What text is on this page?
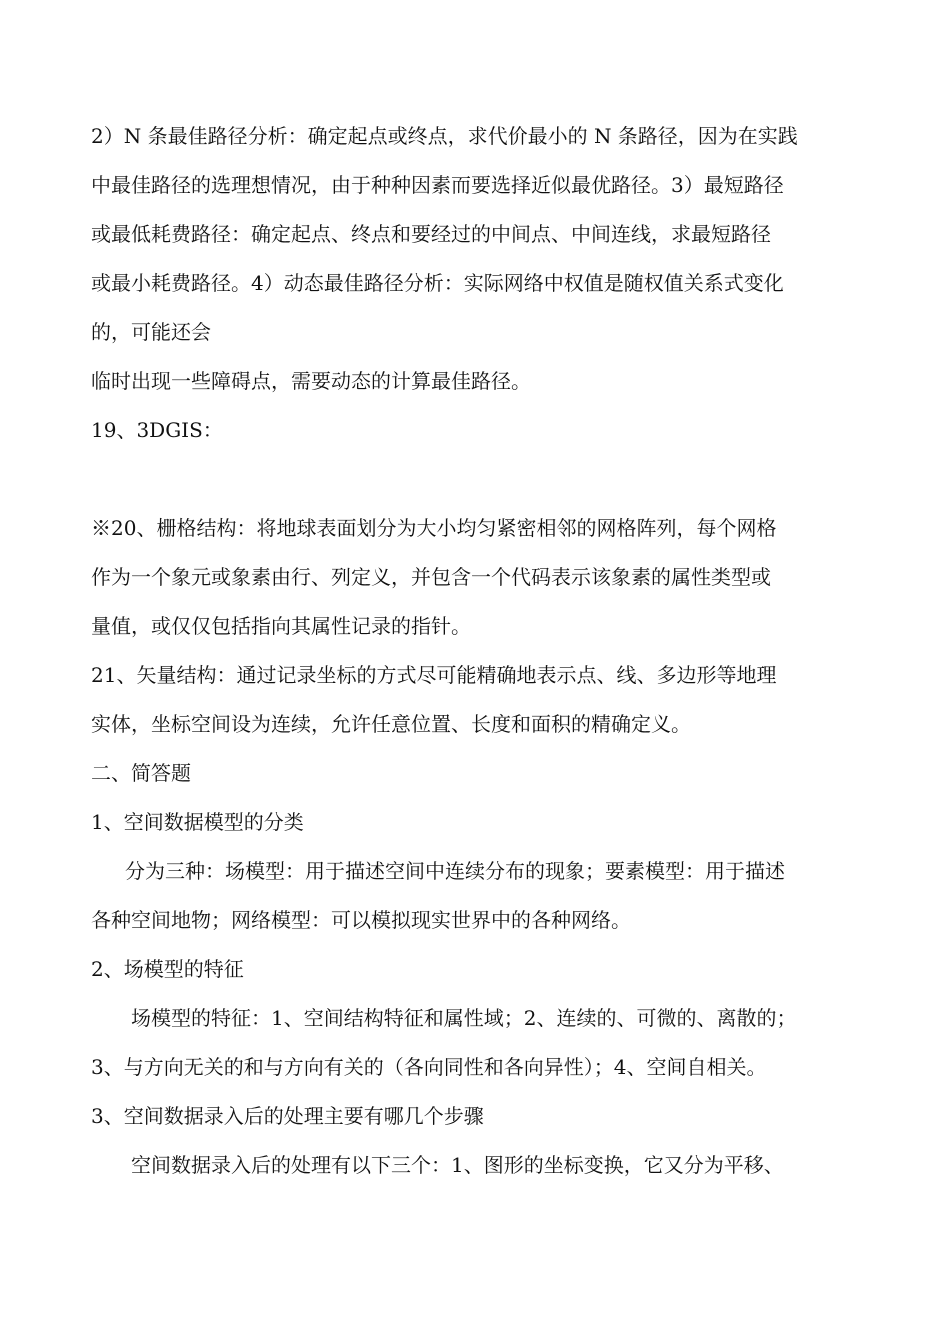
2）N 条最佳路径分析：确定起点或终点，求代价最小的 N 条路径，因为在实践

中最佳路径的选理想情况，由于种种因素而要选择近似最优路径。3）最短路径

或最低耗费路径：确定起点、终点和要经过的中间点、中间连线，求最短路径

或最小耗费路径。4）动态最佳路径分析：实际网络中权值是随权值关系式变化

的，可能还会

临时出现一些障碍点，需要动态的计算最佳路径。

19、3DGIS：

※20、栅格结构：将地球表面划分为大小均匀紧密相邻的网格阵列，每个网格

作为一个象元或象素由行、列定义，并包含一个代码表示该象素的属性类型或

量值，或仅仅包括指向其属性记录的指针。

21、矢量结构：通过记录坐标的方式尽可能精确地表示点、线、多边形等地理

实体，坐标空间设为连续，允许任意位置、长度和面积的精确定义。

二、简答题

1、空间数据模型的分类

分为三种：场模型：用于描述空间中连续分布的现象；要素模型：用于描述

各种空间地物；网络模型：可以模拟现实世界中的各种网络。

2、场模型的特征

场模型的特征：1、空间结构特征和属性域；2、连续的、可微的、离散的；

3、与方向无关的和与方向有关的（各向同性和各向异性）；4、空间自相关。

3、空间数据录入后的处理主要有哪几个步骤

空间数据录入后的处理有以下三个：1、图形的坐标变换，它又分为平移、
